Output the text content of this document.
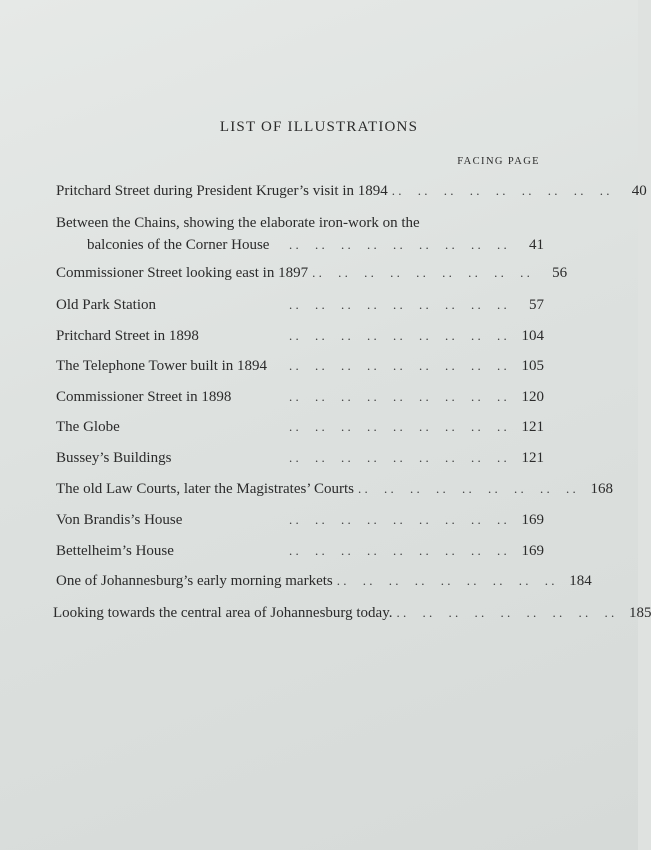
LIST OF ILLUSTRATIONS
FACING PAGE
Pritchard Street during President Kruger’s visit in 1894 . .     . .     . .     . .     . .     . .     . .     . .     . .	40
Between the Chains, showing the elaborate iron-work on the
balconies of the Corner House	. .     . .     . .     . .     . .     . .     . .     . .     . .	41
Commissioner Street looking east in 1897 . .     . .     . .     . .     . .     . .     . .     . .     . .	56
Old Park Station	. .     . .     . .     . .     . .     . .     . .     . .     . .	57
Pritchard Street in 1898	. .     . .     . .     . .     . .     . .     . .     . .     . . 104
The Telephone Tower built in 1894	. .     . .     . .     . .     . .     . .     . .     . .     . . 105
Commissioner Street in 1898	. .     . .     . .     . .     . .     . .     . .     . .     . . 120
The Globe	. .     . .     . .     . .     . .     . .     . .     . .     . . 121
Bussey’s Buildings	. .     . .     . .     . .     . .     . .     . .     . .     . . 121
The old Law Courts, later the Magistrates’ Courts . .     . .     . .     . .     . .     . .     . .     . .     . . 168
Von Brandis’s House	. .     . .     . .     . .     . .     . .     . .     . .     . . 169
Bettelheim’s House	. .     . .     . .     . .     . .     . .     . .     . .     . . 169
One of Johannesburg’s early morning markets . .     . .     . .     . .     . .     . .     . .     . .     . . 184
Looking towards the central area of Johannesburg today. . .     . .     . .     . .     . .     . .     . .     . .     . . 185
